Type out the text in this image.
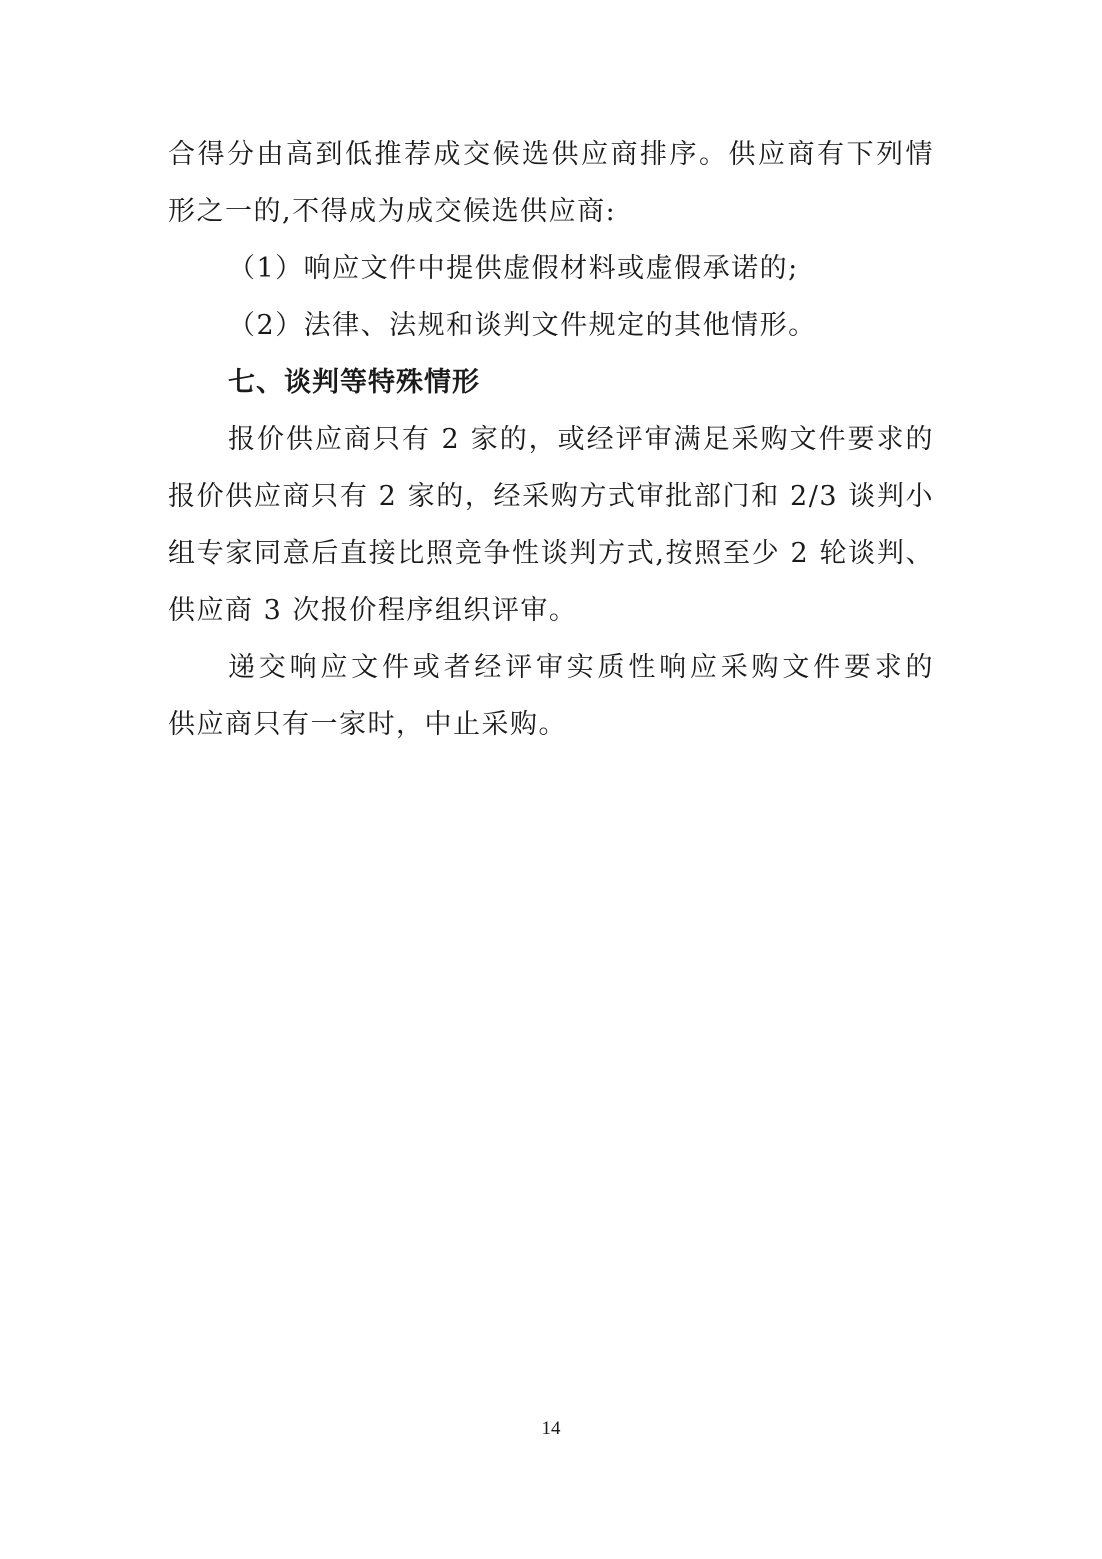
合得分由高到低推荐成交候选供应商排序。供应商有下列情
形之一的,不得成为成交候选供应商:
（1）响应文件中提供虚假材料或虚假承诺的;
（2）法律、法规和谈判文件规定的其他情形。
七、谈判等特殊情形
报价供应商只有 2 家的，或经评审满足采购文件要求的
报价供应商只有 2 家的，经采购方式审批部门和 2/3 谈判小
组专家同意后直接比照竞争性谈判方式,按照至少 2 轮谈判、
供应商 3 次报价程序组织评审。
递交响应文件或者经评审实质性响应采购文件要求的
供应商只有一家时，中止采购。
14
